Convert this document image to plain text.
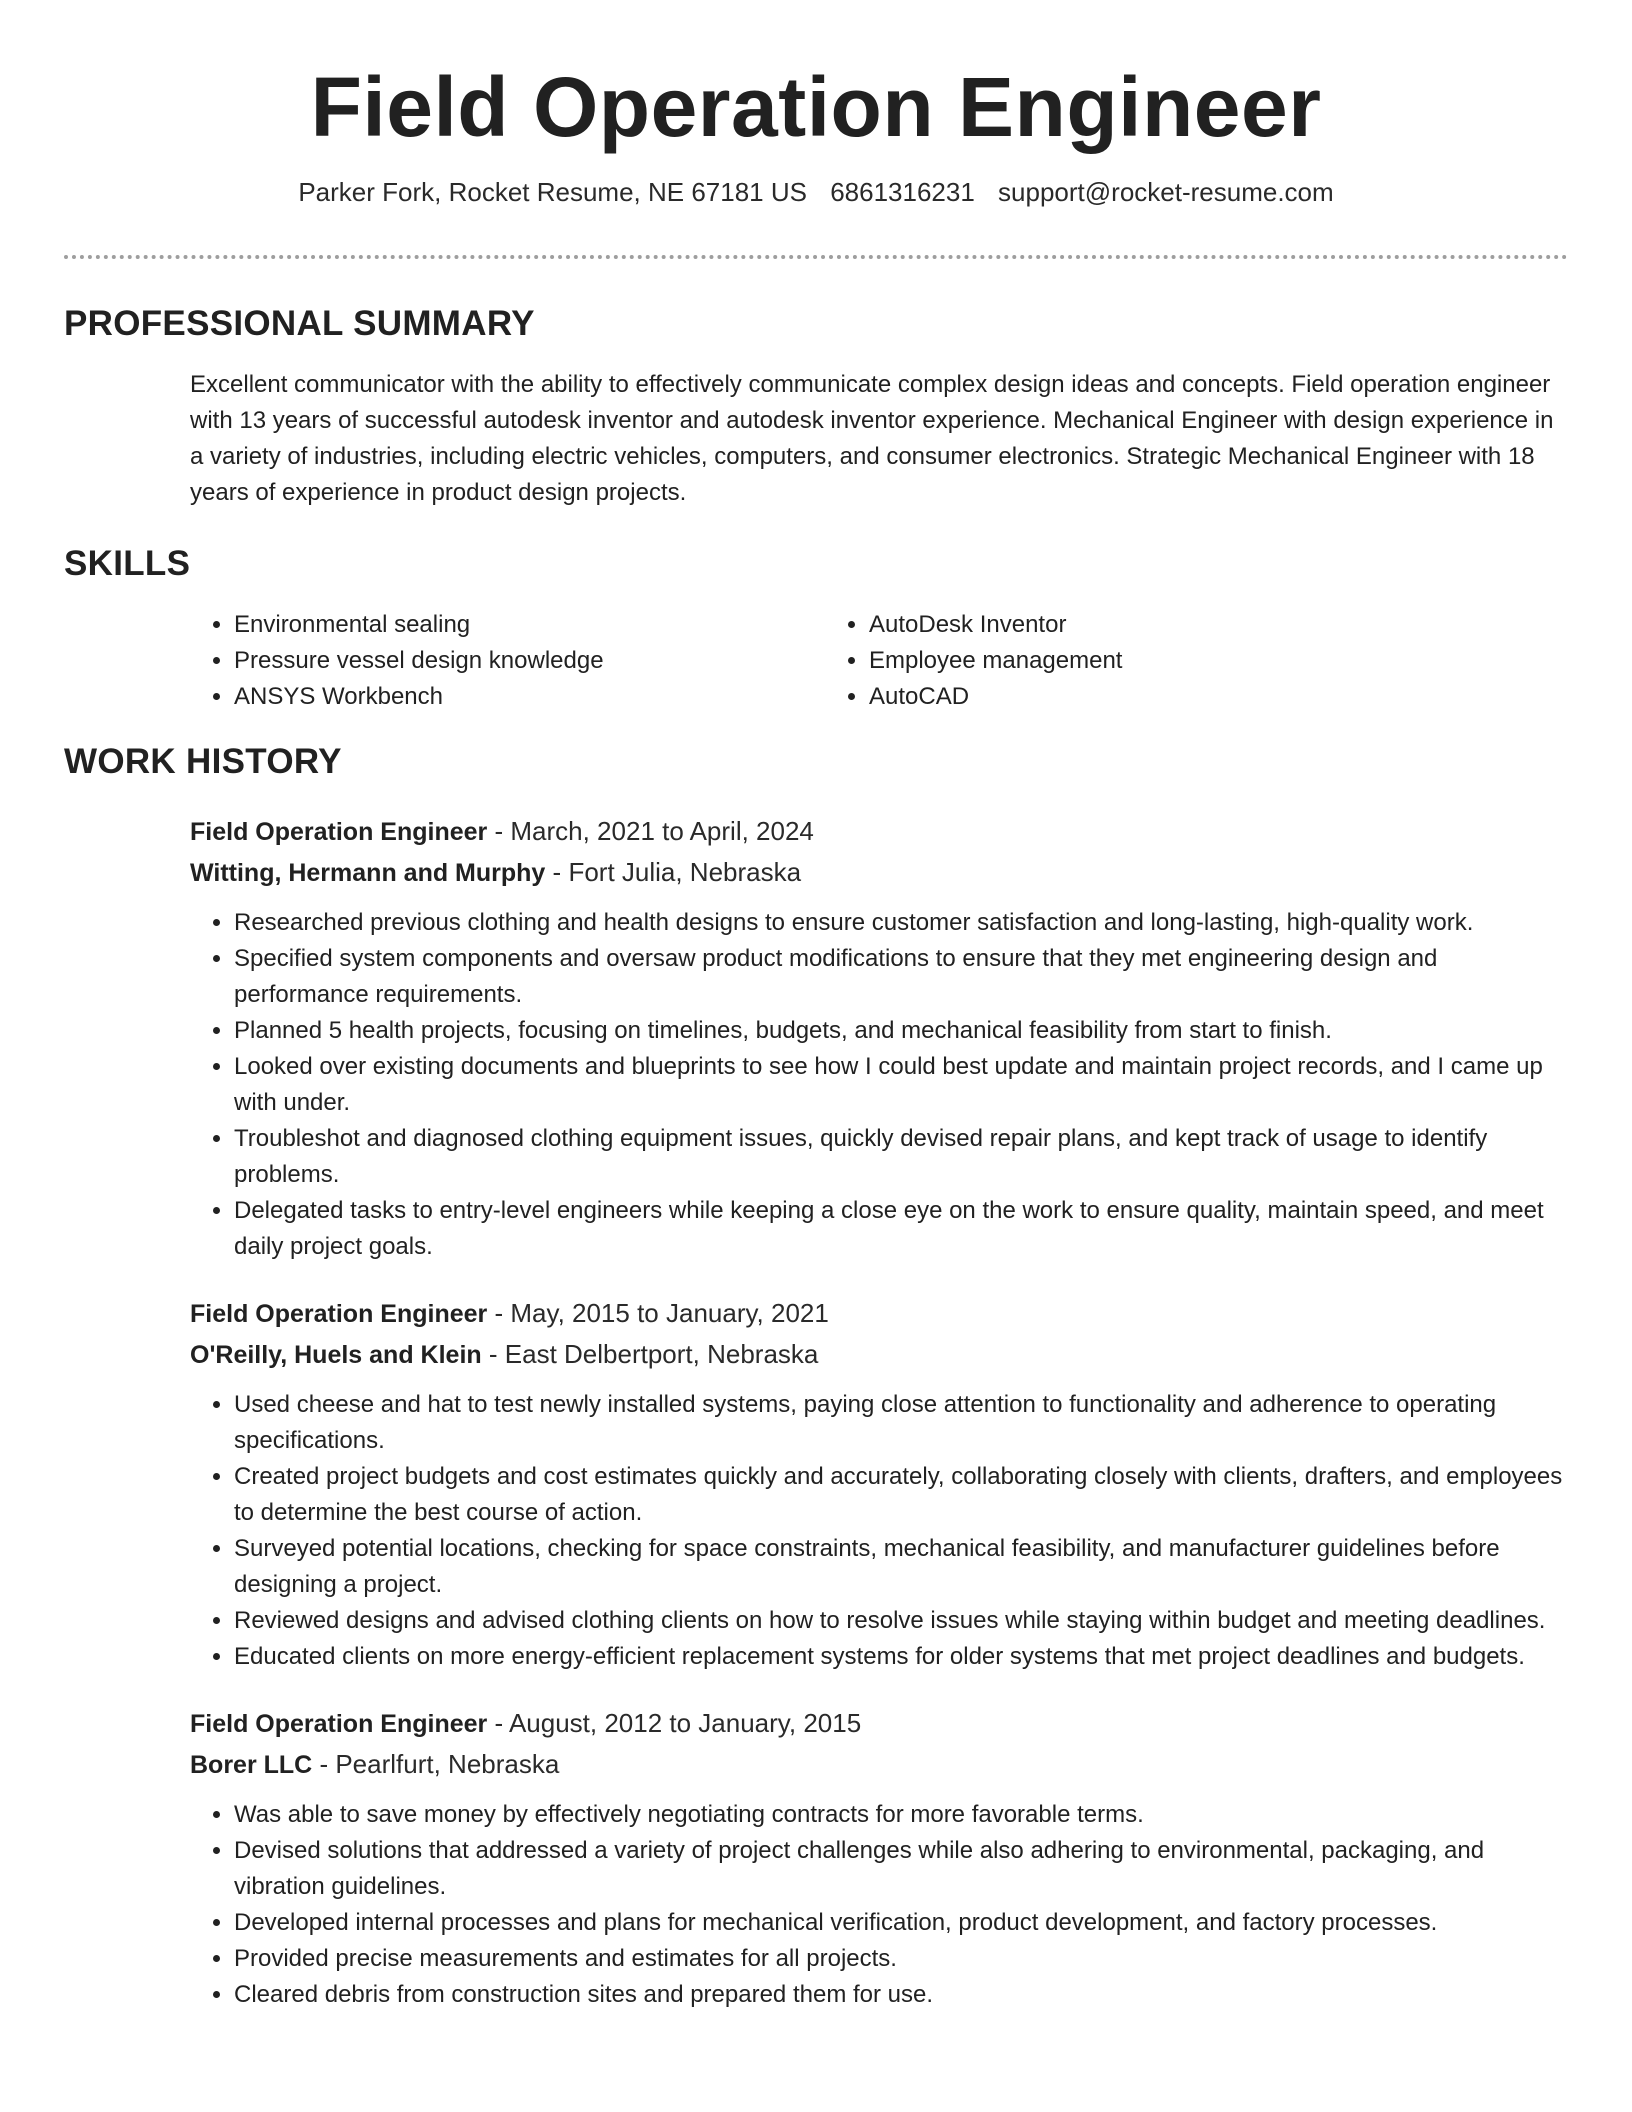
Field Operation Engineer
Parker Fork, Rocket Resume, NE 67181 US 6861316231 support@rocket-resume.com
PROFESSIONAL SUMMARY
Excellent communicator with the ability to effectively communicate complex design ideas and concepts. Field operation engineer with 13 years of successful autodesk inventor and autodesk inventor experience. Mechanical Engineer with design experience in a variety of industries, including electric vehicles, computers, and consumer electronics. Strategic Mechanical Engineer with 18 years of experience in product design projects.
SKILLS
• Environmental sealing
• Pressure vessel design knowledge
• ANSYS Workbench
• AutoDesk Inventor
• Employee management
• AutoCAD
WORK HISTORY
Field Operation Engineer - March, 2021 to April, 2024
Witting, Hermann and Murphy - Fort Julia, Nebraska
• Researched previous clothing and health designs to ensure customer satisfaction and long-lasting, high-quality work.
• Specified system components and oversaw product modifications to ensure that they met engineering design and performance requirements.
• Planned 5 health projects, focusing on timelines, budgets, and mechanical feasibility from start to finish.
• Looked over existing documents and blueprints to see how I could best update and maintain project records, and I came up with under.
• Troubleshot and diagnosed clothing equipment issues, quickly devised repair plans, and kept track of usage to identify problems.
• Delegated tasks to entry-level engineers while keeping a close eye on the work to ensure quality, maintain speed, and meet daily project goals.
Field Operation Engineer - May, 2015 to January, 2021
O'Reilly, Huels and Klein - East Delbertport, Nebraska
• Used cheese and hat to test newly installed systems, paying close attention to functionality and adherence to operating specifications.
• Created project budgets and cost estimates quickly and accurately, collaborating closely with clients, drafters, and employees to determine the best course of action.
• Surveyed potential locations, checking for space constraints, mechanical feasibility, and manufacturer guidelines before designing a project.
• Reviewed designs and advised clothing clients on how to resolve issues while staying within budget and meeting deadlines.
• Educated clients on more energy-efficient replacement systems for older systems that met project deadlines and budgets.
Field Operation Engineer - August, 2012 to January, 2015
Borer LLC - Pearlfurt, Nebraska
• Was able to save money by effectively negotiating contracts for more favorable terms.
• Devised solutions that addressed a variety of project challenges while also adhering to environmental, packaging, and vibration guidelines.
• Developed internal processes and plans for mechanical verification, product development, and factory processes.
• Provided precise measurements and estimates for all projects.
• Cleared debris from construction sites and prepared them for use.
